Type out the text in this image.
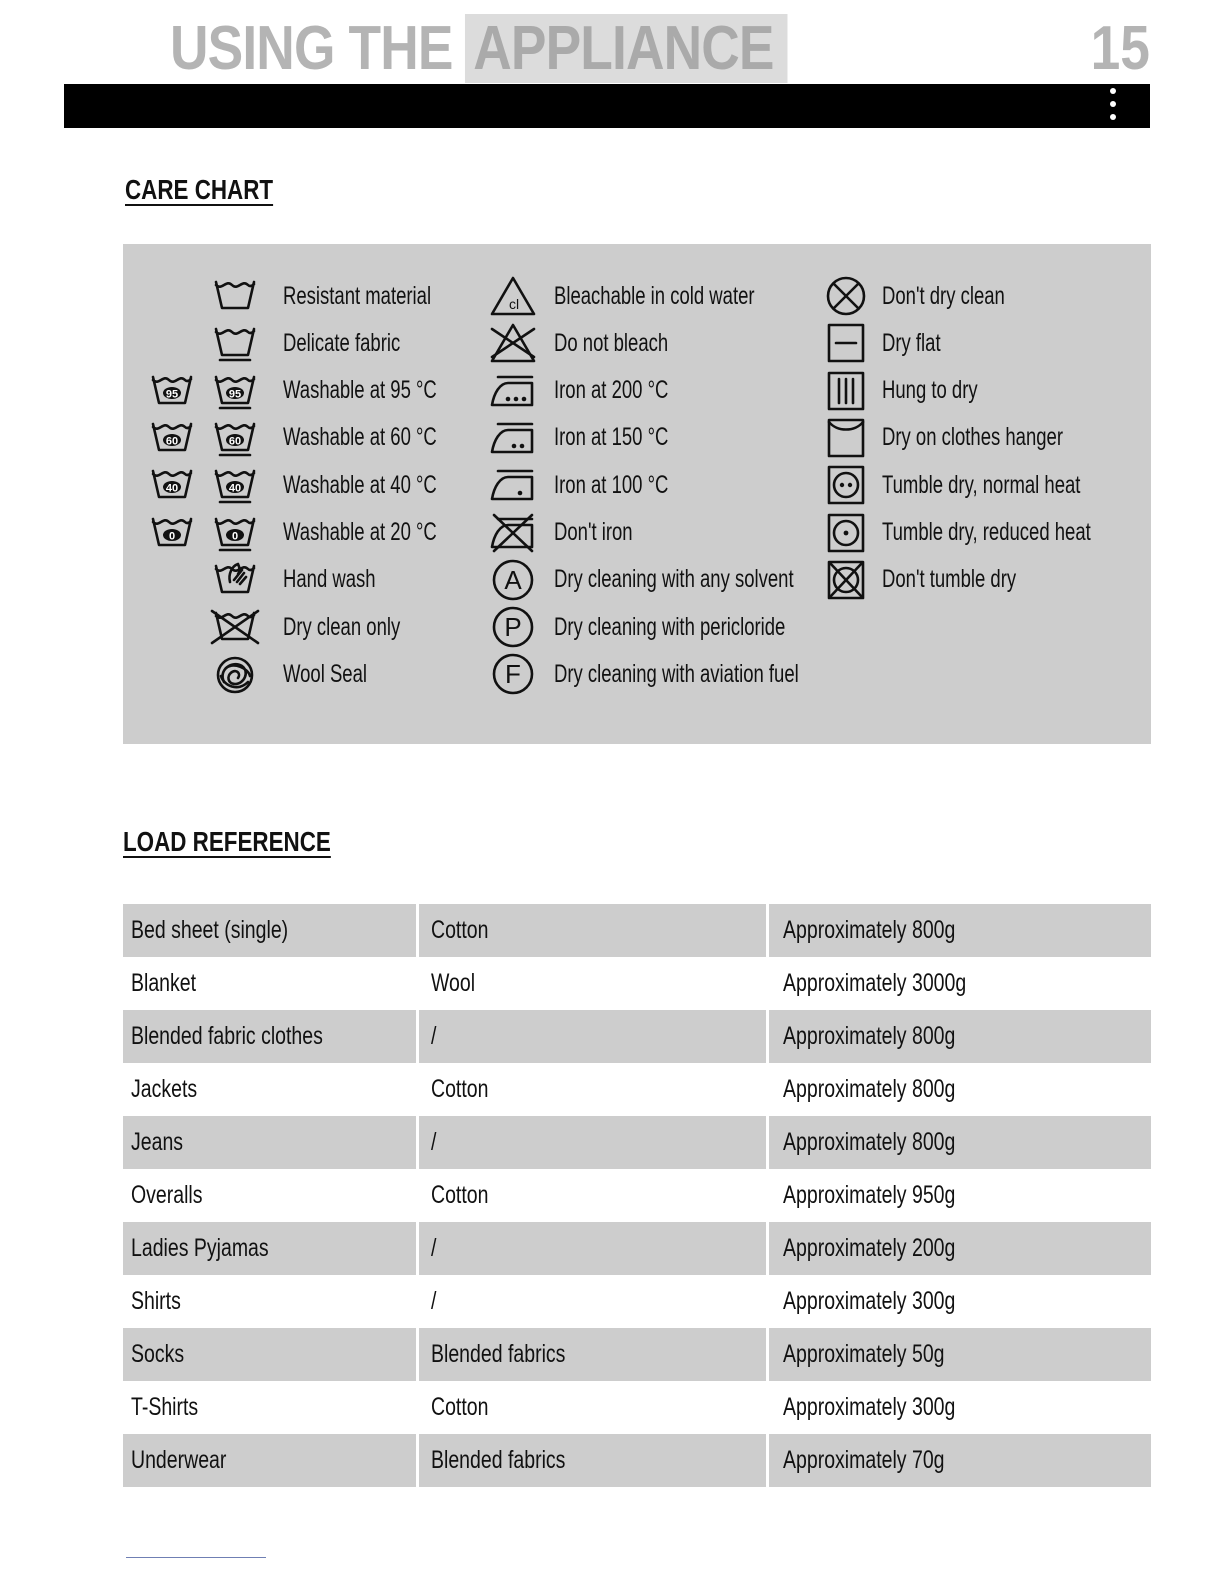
USING THE APPLIANCE	15
CARE CHART
Resistant material
Delicate fabric
95	95 Washable at 95 °C
60	60 Washable at 60 °C
40	40 Washable at 40 °C
0	0 Washable at 20 °C
Hand wash
Dry clean only
Wool Seal
cl Bleachable in cold water
Do not bleach
Iron at 200 °C
Iron at 150 °C
Iron at 100 °C
Don't iron
A Dry cleaning with any solvent
P Dry cleaning with pericloride
F Dry cleaning with aviation fuel
Don't dry clean
Dry flat
Hung to dry
Dry on clothes hanger
Tumble dry, normal heat
Tumble dry, reduced heat
Don't tumble dry
LOAD REFERENCE
Bed sheet (single)	Cotton	Approximately 800g
Blanket	Wool	Approximately 3000g
Blended fabric clothes	/	Approximately 800g
Jackets	Cotton	Approximately 800g
Jeans	/	Approximately 800g
Overalls	Cotton	Approximately 950g
Ladies Pyjamas	/	Approximately 200g
Shirts	/	Approximately 300g
Socks	Blended fabrics	Approximately 50g
T-Shirts	Cotton	Approximately 300g
Underwear	Blended fabrics	Approximately 70g
